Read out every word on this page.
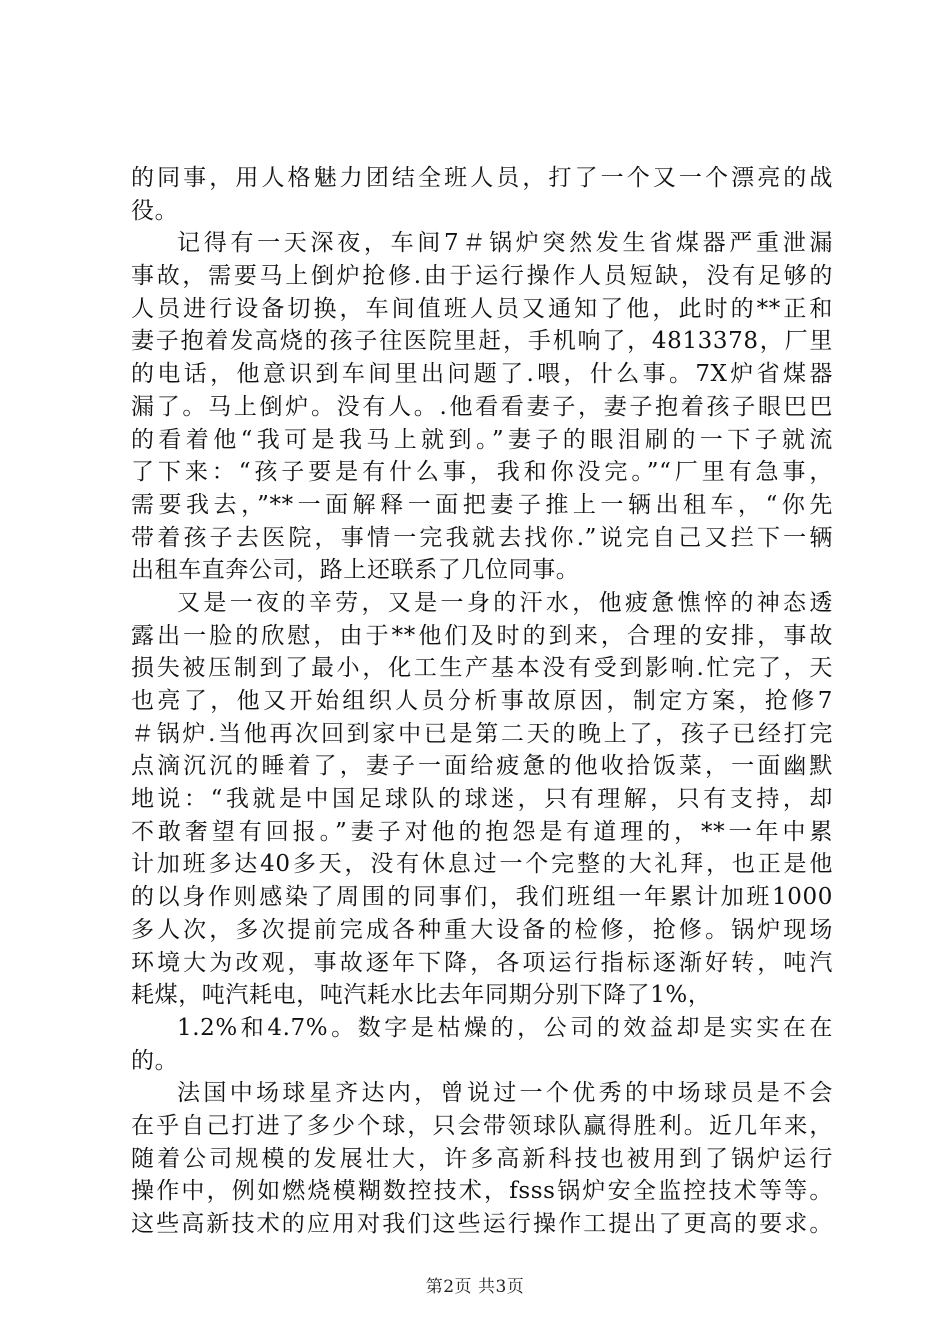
的同事，用人格魅力团结全班人员，打了一个又一个漂亮的战
役。
记得有一天深夜，车间7＃锅炉突然发生省煤器严重泄漏
事故，需要马上倒炉抢修.由于运行操作人员短缺，没有足够的
人员进行设备切换，车间值班人员又通知了他，此时的**正和
妻子抱着发高烧的孩子往医院里赶，手机响了，4813378，厂里
的电话，他意识到车间里出问题了.喂，什么事。7X炉省煤器
漏了。马上倒炉。没有人。.他看看妻子，妻子抱着孩子眼巴巴
的看着他“我可是我马上就到。”妻子的眼泪刷的一下子就流
了下来：“孩子要是有什么事，我和你没完。”“厂里有急事，
需要我去，”**一面解释一面把妻子推上一辆出租车，“你先
带着孩子去医院，事情一完我就去找你.”说完自己又拦下一辆
出租车直奔公司，路上还联系了几位同事。
又是一夜的辛劳，又是一身的汗水，他疲惫憔悴的神态透
露出一脸的欣慰，由于**他们及时的到来，合理的安排，事故
损失被压制到了最小，化工生产基本没有受到影响.忙完了，天
也亮了，他又开始组织人员分析事故原因，制定方案，抢修7
＃锅炉.当他再次回到家中已是第二天的晚上了，孩子已经打完
点滴沉沉的睡着了，妻子一面给疲惫的他收拾饭菜，一面幽默
地说：“我就是中国足球队的球迷，只有理解，只有支持，却
不敢奢望有回报。”妻子对他的抱怨是有道理的，**一年中累
计加班多达40多天，没有休息过一个完整的大礼拜，也正是他
的以身作则感染了周围的同事们，我们班组一年累计加班1000
多人次，多次提前完成各种重大设备的检修，抢修。锅炉现场
环境大为改观，事故逐年下降，各项运行指标逐渐好转，吨汽
耗煤，吨汽耗电，吨汽耗水比去年同期分别下降了1%，
1.2%和4.7%。数字是枯燥的，公司的效益却是实实在在
的。
法国中场球星齐达内，曾说过一个优秀的中场球员是不会
在乎自己打进了多少个球，只会带领球队赢得胜利。近几年来，
随着公司规模的发展壮大，许多高新科技也被用到了锅炉运行
操作中，例如燃烧模糊数控技术，fsss锅炉安全监控技术等等。
这些高新技术的应用对我们这些运行操作工提出了更高的要求。
第2页 共3页
